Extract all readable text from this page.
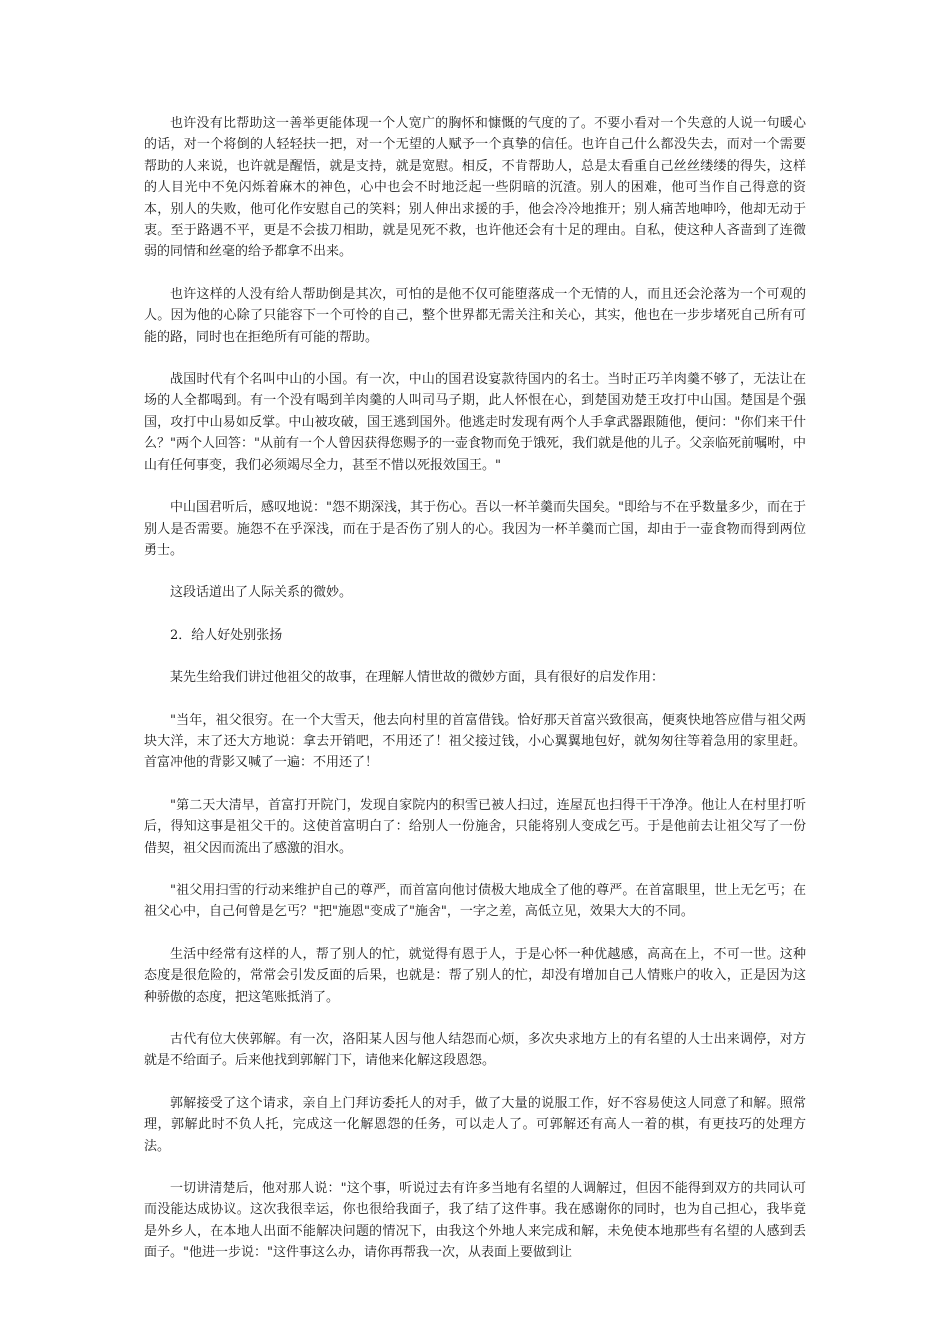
也许没有比帮助这一善举更能体现一个人宽广的胸怀和慷慨的气度的了。不要小看对一个失意的人说一句暖心的话，对一个将倒的人轻轻扶一把，对一个无望的人赋予一个真挚的信任。也许自己什么都没失去，而对一个需要帮助的人来说，也许就是醒悟，就是支持，就是宽慰。相反，不肯帮助人，总是太看重自己丝丝缕缕的得失，这样的人目光中不免闪烁着麻木的神色，心中也会不时地泛起一些阴暗的沉渣。别人的困难，他可当作自己得意的资本，别人的失败，他可化作安慰自己的笑料；别人伸出求援的手，他会冷冷地推开；别人痛苦地呻吟，他却无动于衷。至于路遇不平，更是不会拔刀相助，就是见死不救，也许他还会有十足的理由。自私，使这种人吝啬到了连微弱的同情和丝毫的给予都拿不出来。

也许这样的人没有给人帮助倒是其次，可怕的是他不仅可能堕落成一个无情的人，而且还会沦落为一个可观的人。因为他的心除了只能容下一个可怜的自己，整个世界都无需关注和关心，其实，他也在一步步堵死自己所有可能的路，同时也在拒绝所有可能的帮助。

战国时代有个名叫中山的小国。有一次，中山的国君设宴款待国内的名士。当时正巧羊肉羹不够了，无法让在场的人全都喝到。有一个没有喝到羊肉羹的人叫司马子期，此人怀恨在心，到楚国劝楚王攻打中山国。楚国是个强国，攻打中山易如反掌。中山被攻破，国王逃到国外。他逃走时发现有两个人手拿武器跟随他，便问："你们来干什么？"两个人回答："从前有一个人曾因获得您赐予的一壶食物而免于饿死，我们就是他的儿子。父亲临死前嘱咐，中山有任何事变，我们必须竭尽全力，甚至不惜以死报效国王。"

中山国君听后，感叹地说："怨不期深浅，其于伤心。吾以一杯羊羹而失国矣。"即给与不在乎数量多少，而在于别人是否需要。施怨不在乎深浅，而在于是否伤了别人的心。我因为一杯羊羹而亡国，却由于一壶食物而得到两位勇士。

这段话道出了人际关系的微妙。

2．给人好处别张扬

某先生给我们讲过他祖父的故事，在理解人情世故的微妙方面，具有很好的启发作用：

"当年，祖父很穷。在一个大雪天，他去向村里的首富借钱。恰好那天首富兴致很高，便爽快地答应借与祖父两块大洋，末了还大方地说：拿去开销吧，不用还了！祖父接过钱，小心翼翼地包好，就匆匆往等着急用的家里赶。首富冲他的背影又喊了一遍：不用还了！

"第二天大清早，首富打开院门，发现自家院内的积雪已被人扫过，连屋瓦也扫得干干净净。他让人在村里打听后，得知这事是祖父干的。这使首富明白了：给别人一份施舍，只能将别人变成乞丐。于是他前去让祖父写了一份借契，祖父因而流出了感激的泪水。

"祖父用扫雪的行动来维护自己的尊严，而首富向他讨债极大地成全了他的尊严。在首富眼里，世上无乞丐；在祖父心中，自己何曾是乞丐？"把"施恩"变成了"施舍"，一字之差，高低立见，效果大大的不同。

生活中经常有这样的人，帮了别人的忙，就觉得有恩于人，于是心怀一种优越感，高高在上，不可一世。这种态度是很危险的，常常会引发反面的后果，也就是：帮了别人的忙，却没有增加自己人情账户的收入，正是因为这种骄傲的态度，把这笔账抵消了。

古代有位大侠郭解。有一次，洛阳某人因与他人结怨而心烦，多次央求地方上的有名望的人士出来调停，对方就是不给面子。后来他找到郭解门下，请他来化解这段恩怨。

郭解接受了这个请求，亲自上门拜访委托人的对手，做了大量的说服工作，好不容易使这人同意了和解。照常理，郭解此时不负人托，完成这一化解恩怨的任务，可以走人了。可郭解还有高人一着的棋，有更技巧的处理方法。

一切讲清楚后，他对那人说："这个事，听说过去有许多当地有名望的人调解过，但因不能得到双方的共同认可而没能达成协议。这次我很幸运，你也很给我面子，我了结了这件事。我在感谢你的同时，也为自己担心，我毕竟是外乡人，在本地人出面不能解决问题的情况下，由我这个外地人来完成和解，未免使本地那些有名望的人感到丢面子。"他进一步说："这件事这么办，请你再帮我一次，从表面上要做到让
